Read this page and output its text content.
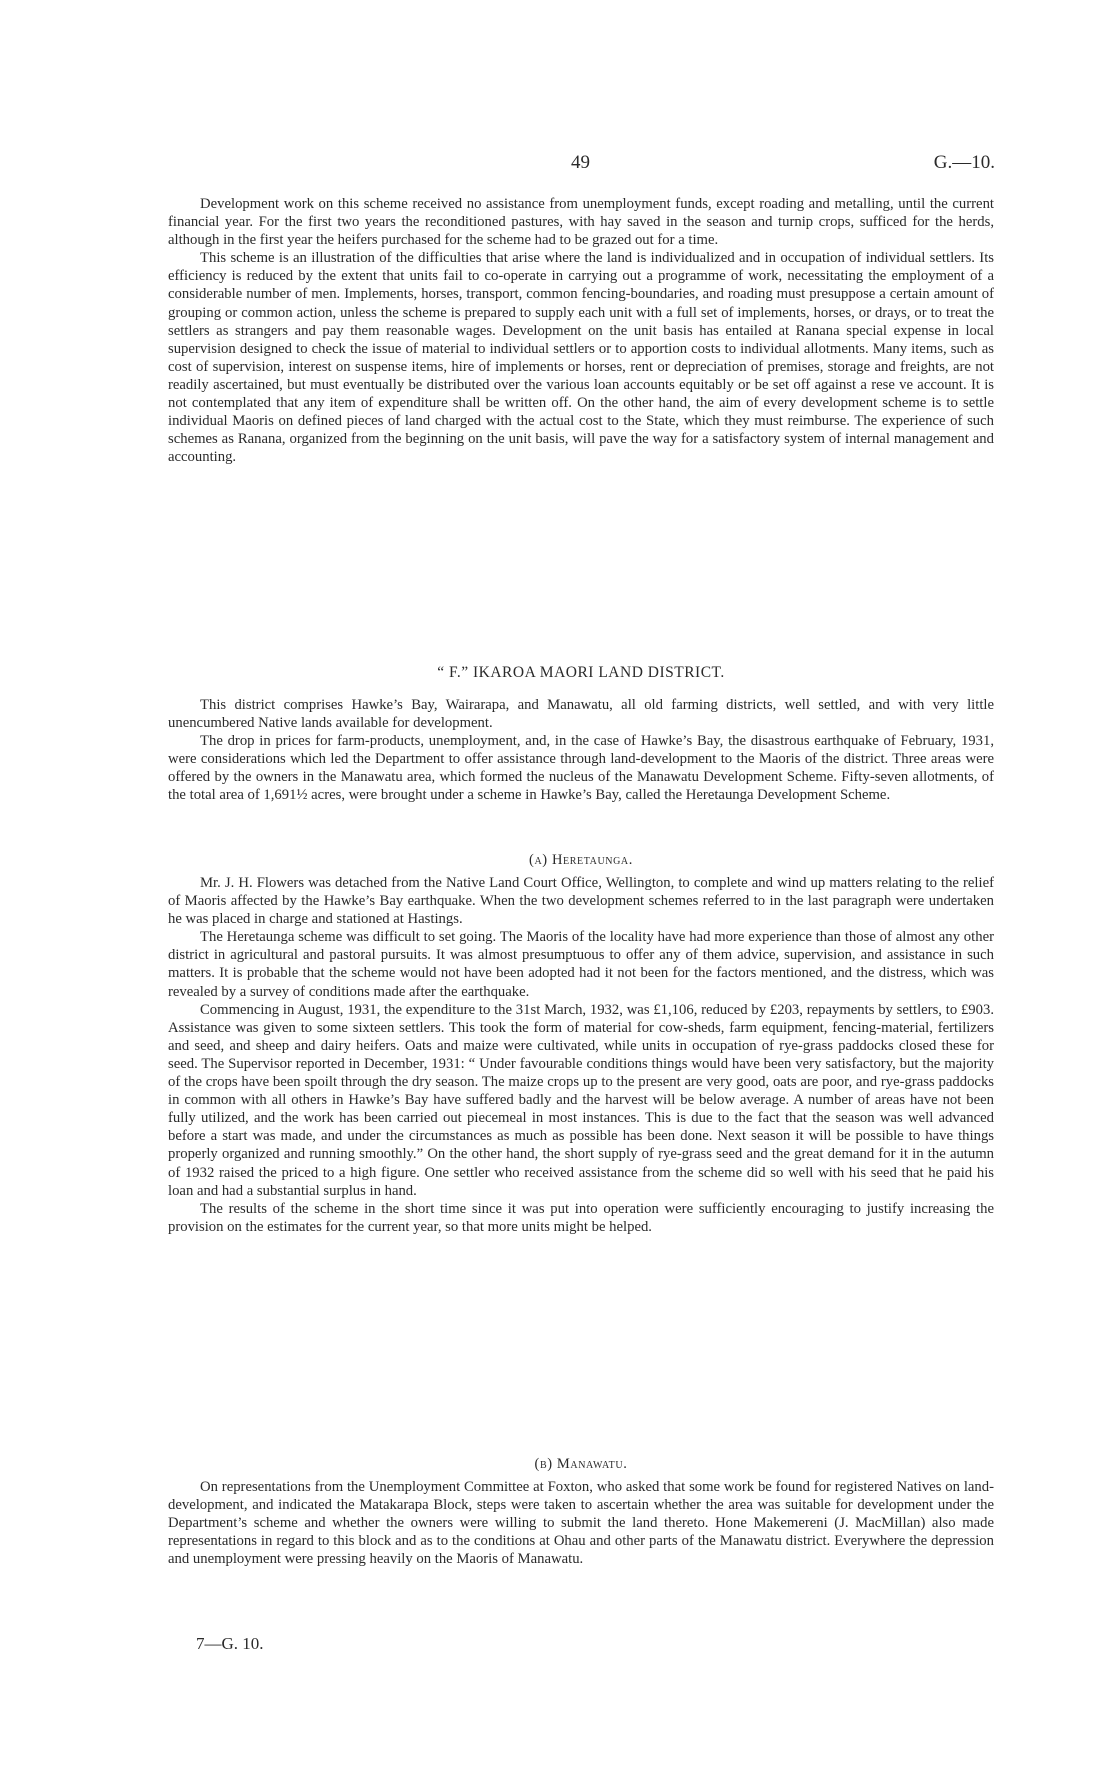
49	G.—10.

Development work on this scheme received no assistance from unemployment funds, except roading and metalling, until the current financial year. For the first two years the reconditioned pastures, with hay saved in the season and turnip crops, sufficed for the herds, although in the first year the heifers purchased for the scheme had to be grazed out for a time.

This scheme is an illustration of the difficulties that arise where the land is individualized and in occupation of individual settlers. Its efficiency is reduced by the extent that units fail to co-operate in carrying out a programme of work, necessitating the employment of a considerable number of men. Implements, horses, transport, common fencing-boundaries, and roading must presuppose a certain amount of grouping or common action, unless the scheme is prepared to supply each unit with a full set of implements, horses, or drays, or to treat the settlers as strangers and pay them reasonable wages. Development on the unit basis has entailed at Ranana special expense in local supervision designed to check the issue of material to individual settlers or to apportion costs to individual allotments. Many items, such as cost of supervision, interest on suspense items, hire of implements or horses, rent or depreciation of premises, storage and freights, are not readily ascertained, but must eventually be distributed over the various loan accounts equitably or be set off against a rese ve account. It is not contemplated that any item of expenditure shall be written off. On the other hand, the aim of every development scheme is to settle individual Maoris on defined pieces of land charged with the actual cost to the State, which they must reimburse. The experience of such schemes as Ranana, organized from the beginning on the unit basis, will pave the way for a satisfactory system of internal management and accounting.

“ F.” IKAROA MAORI LAND DISTRICT.

This district comprises Hawke’s Bay, Wairarapa, and Manawatu, all old farming districts, well settled, and with very little unencumbered Native lands available for development.

The drop in prices for farm-products, unemployment, and, in the case of Hawke’s Bay, the disastrous earthquake of February, 1931, were considerations which led the Department to offer assistance through land-development to the Maoris of the district. Three areas were offered by the owners in the Manawatu area, which formed the nucleus of the Manawatu Development Scheme. Fifty-seven allotments, of the total area of 1,691½ acres, were brought under a scheme in Hawke’s Bay, called the Heretaunga Development Scheme.

(a) Heretaunga.

Mr. J. H. Flowers was detached from the Native Land Court Office, Wellington, to complete and wind up matters relating to the relief of Maoris affected by the Hawke’s Bay earthquake. When the two development schemes referred to in the last paragraph were undertaken he was placed in charge and stationed at Hastings.

The Heretaunga scheme was difficult to set going. The Maoris of the locality have had more experience than those of almost any other district in agricultural and pastoral pursuits. It was almost presumptuous to offer any of them advice, supervision, and assistance in such matters. It is probable that the scheme would not have been adopted had it not been for the factors mentioned, and the distress, which was revealed by a survey of conditions made after the earthquake.

Commencing in August, 1931, the expenditure to the 31st March, 1932, was £1,106, reduced by £203, repayments by settlers, to £903. Assistance was given to some sixteen settlers. This took the form of material for cow-sheds, farm equipment, fencing-material, fertilizers and seed, and sheep and dairy heifers. Oats and maize were cultivated, while units in occupation of rye-grass paddocks closed these for seed. The Supervisor reported in December, 1931: “ Under favourable conditions things would have been very satisfactory, but the majority of the crops have been spoilt through the dry season. The maize crops up to the present are very good, oats are poor, and rye-grass paddocks in common with all others in Hawke’s Bay have suffered badly and the harvest will be below average. A number of areas have not been fully utilized, and the work has been carried out piecemeal in most instances. This is due to the fact that the season was well advanced before a start was made, and under the circumstances as much as possible has been done. Next season it will be possible to have things properly organized and running smoothly.” On the other hand, the short supply of rye-grass seed and the great demand for it in the autumn of 1932 raised the priced to a high figure. One settler who received assistance from the scheme did so well with his seed that he paid his loan and had a substantial surplus in hand.

The results of the scheme in the short time since it was put into operation were sufficiently encouraging to justify increasing the provision on the estimates for the current year, so that more units might be helped.

(b) Manawatu.

On representations from the Unemployment Committee at Foxton, who asked that some work be found for registered Natives on land-development, and indicated the Matakarapa Block, steps were taken to ascertain whether the area was suitable for development under the Department’s scheme and whether the owners were willing to submit the land thereto. Hone Makemereni (J. MacMillan) also made representations in regard to this block and as to the conditions at Ohau and other parts of the Manawatu district. Everywhere the depression and unemployment were pressing heavily on the Maoris of Manawatu.

7—G. 10.
